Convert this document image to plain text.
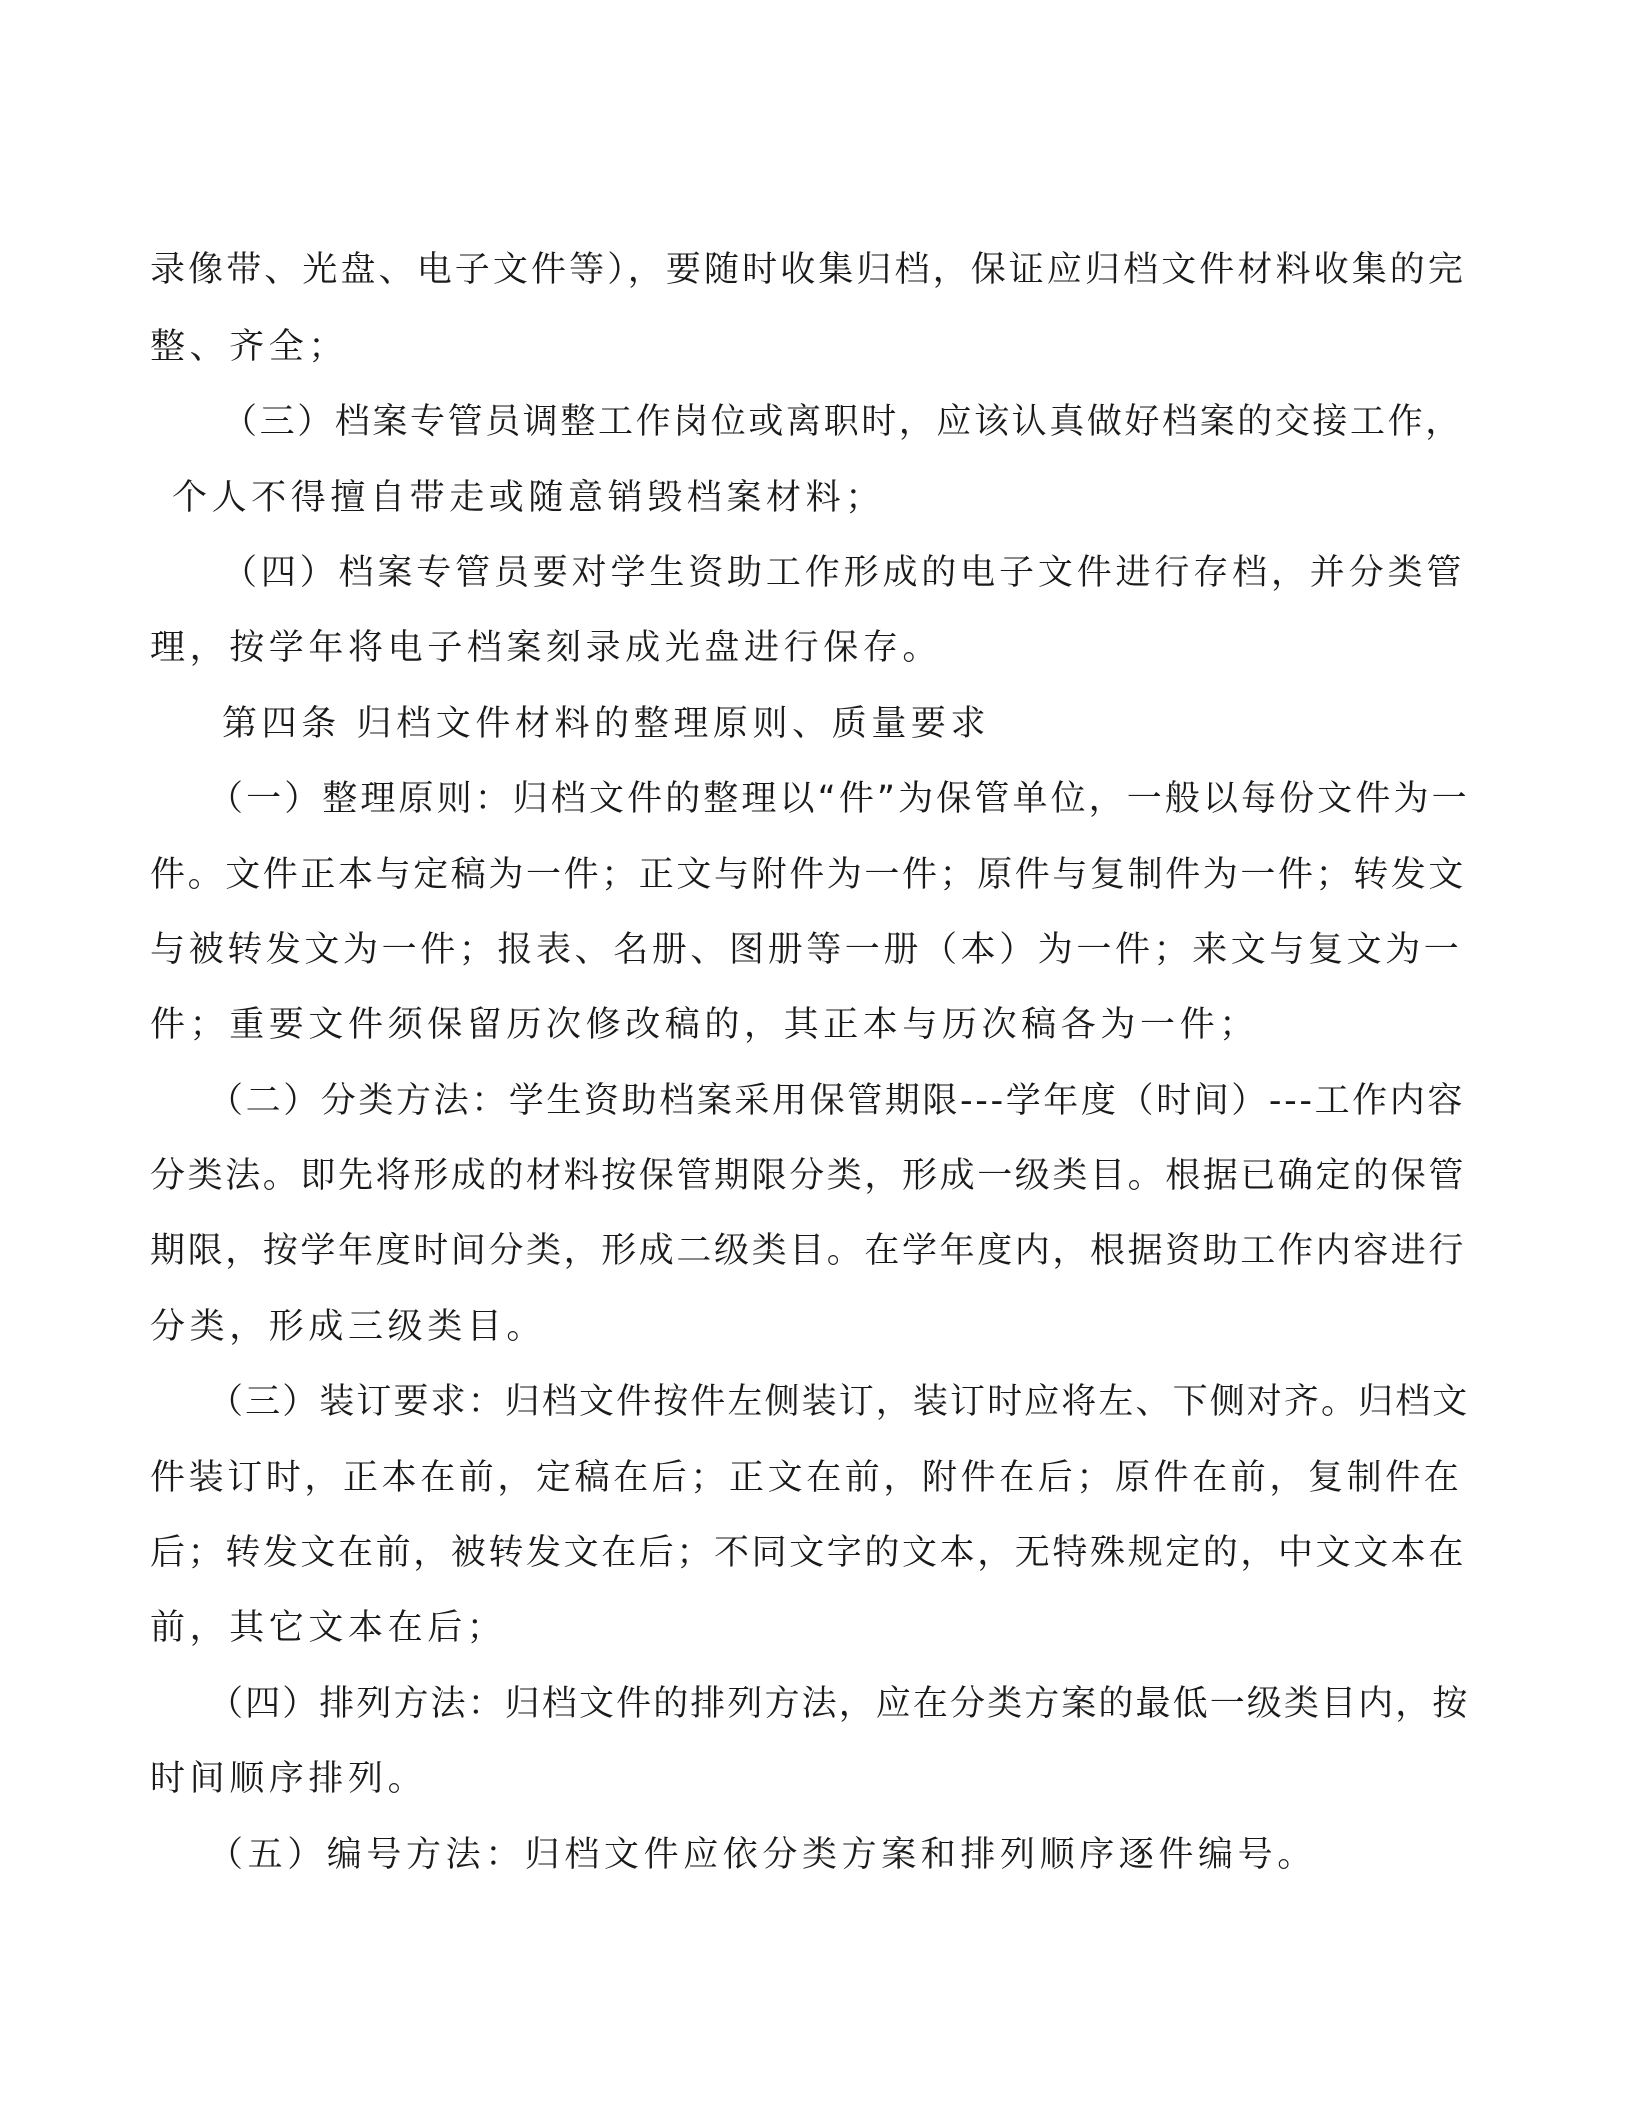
录像带、光盘、电子文件等），要随时收集归档，保证应归档文件材料收集的完

整、齐全；

（三）档案专管员调整工作岗位或离职时，应该认真做好档案的交接工作，

个人不得擅自带走或随意销毁档案材料；

（四）档案专管员要对学生资助工作形成的电子文件进行存档，并分类管

理，按学年将电子档案刻录成光盘进行保存。

第四条 归档文件材料的整理原则、质量要求

（一）整理原则：归档文件的整理以“件”为保管单位，一般以每份文件为一

件。文件正本与定稿为一件；正文与附件为一件；原件与复制件为一件；转发文

与被转发文为一件；报表、名册、图册等一册（本）为一件；来文与复文为一

件；重要文件须保留历次修改稿的，其正本与历次稿各为一件；

（二）分类方法：学生资助档案采用保管期限---学年度（时间）---工作内容

分类法。即先将形成的材料按保管期限分类，形成一级类目。根据已确定的保管

期限，按学年度时间分类，形成二级类目。在学年度内，根据资助工作内容进行

分类，形成三级类目。

（三）装订要求：归档文件按件左侧装订，装订时应将左、下侧对齐。归档文

件装订时，正本在前，定稿在后；正文在前，附件在后；原件在前，复制件在

后；转发文在前，被转发文在后；不同文字的文本，无特殊规定的，中文文本在

前，其它文本在后；

（四）排列方法：归档文件的排列方法，应在分类方案的最低一级类目内，按

时间顺序排列。

（五）编号方法：归档文件应依分类方案和排列顺序逐件编号。
